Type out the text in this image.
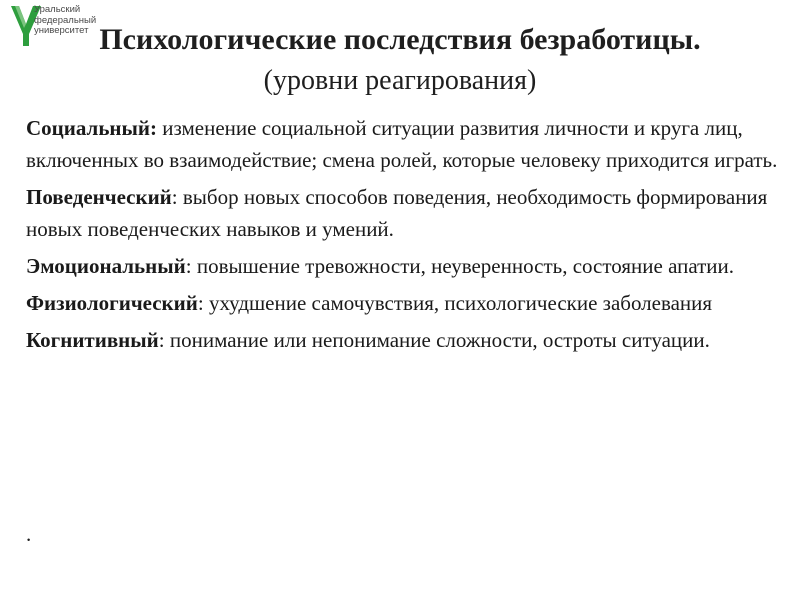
Уральский
федеральный
университет Психологические последствия безработицы.
(уровни реагирования)

Социальный: изменение социальной ситуации развития личности и круга лиц, включенных во взаимодействие; смена ролей, которые человеку приходится играть.

Поведенческий: выбор новых способов поведения, необходимость формирования новых поведенческих навыков и умений.

Эмоциональный: повышение тревожности, неуверенность, состояние апатии.

Физиологический: ухудшение самочувствия, психологические заболевания

Когнитивный: понимание или непонимание сложности, остроты ситуации.

.
